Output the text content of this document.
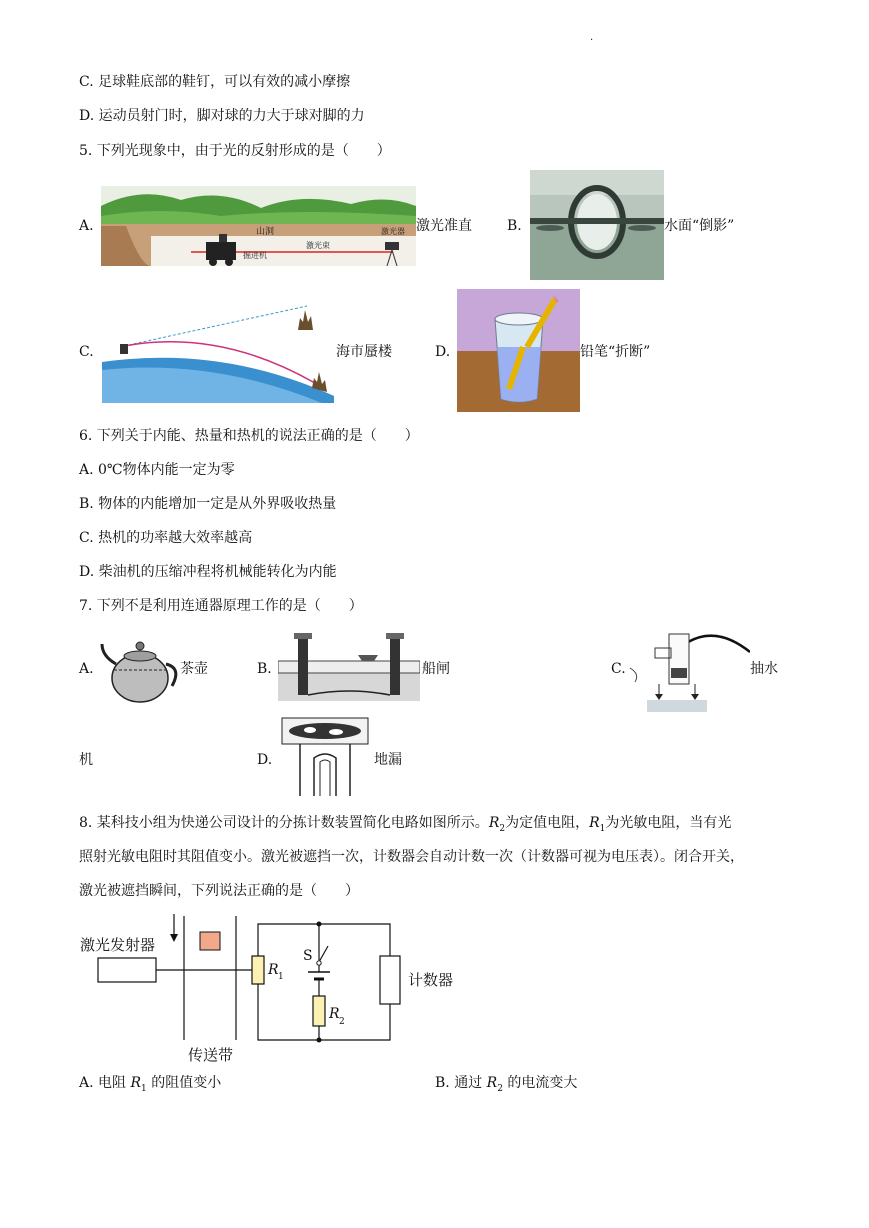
.
C. 足球鞋底部的鞋钉，可以有效的减小摩擦
D. 运动员射门时，脚对球的力大于球对脚的力
5. 下列光现象中，由于光的反射形成的是（　　）
A.	山洞
掘进机
激光束
激光器 激光准直	B.	水面“倒影”
C.	海市蜃楼	D.	铅笔“折断”
6. 下列关于内能、热量和热机的说法正确的是（　　）
A. 0℃物体内能一定为零
B. 物体的内能增加一定是从外界吸收热量
C. 热机的功率越大效率越高
D. 柴油机的压缩冲程将机械能转化为内能
7. 下列不是利用连通器原理工作的是（　　）
A.	茶壶	B.	船闸	C.	抽水
机	D.	地漏
8. 某科技小组为快递公司设计的分拣计数装置简化电路如图所示。$R_2$为定值电阻，$R_1$为光敏电阻，当有光
照射光敏电阻时其阻值变小。激光被遮挡一次，计数器会自动计数一次（计数器可视为电压表）。闭合开关，
激光被遮挡瞬间，下列说法正确的是（　　）
激光发射器
传送带
R 1	计数器
S
R 2
A. 电阻 $R_1$ 的阻值变小	B. 通过 $R_2$ 的电流变大
